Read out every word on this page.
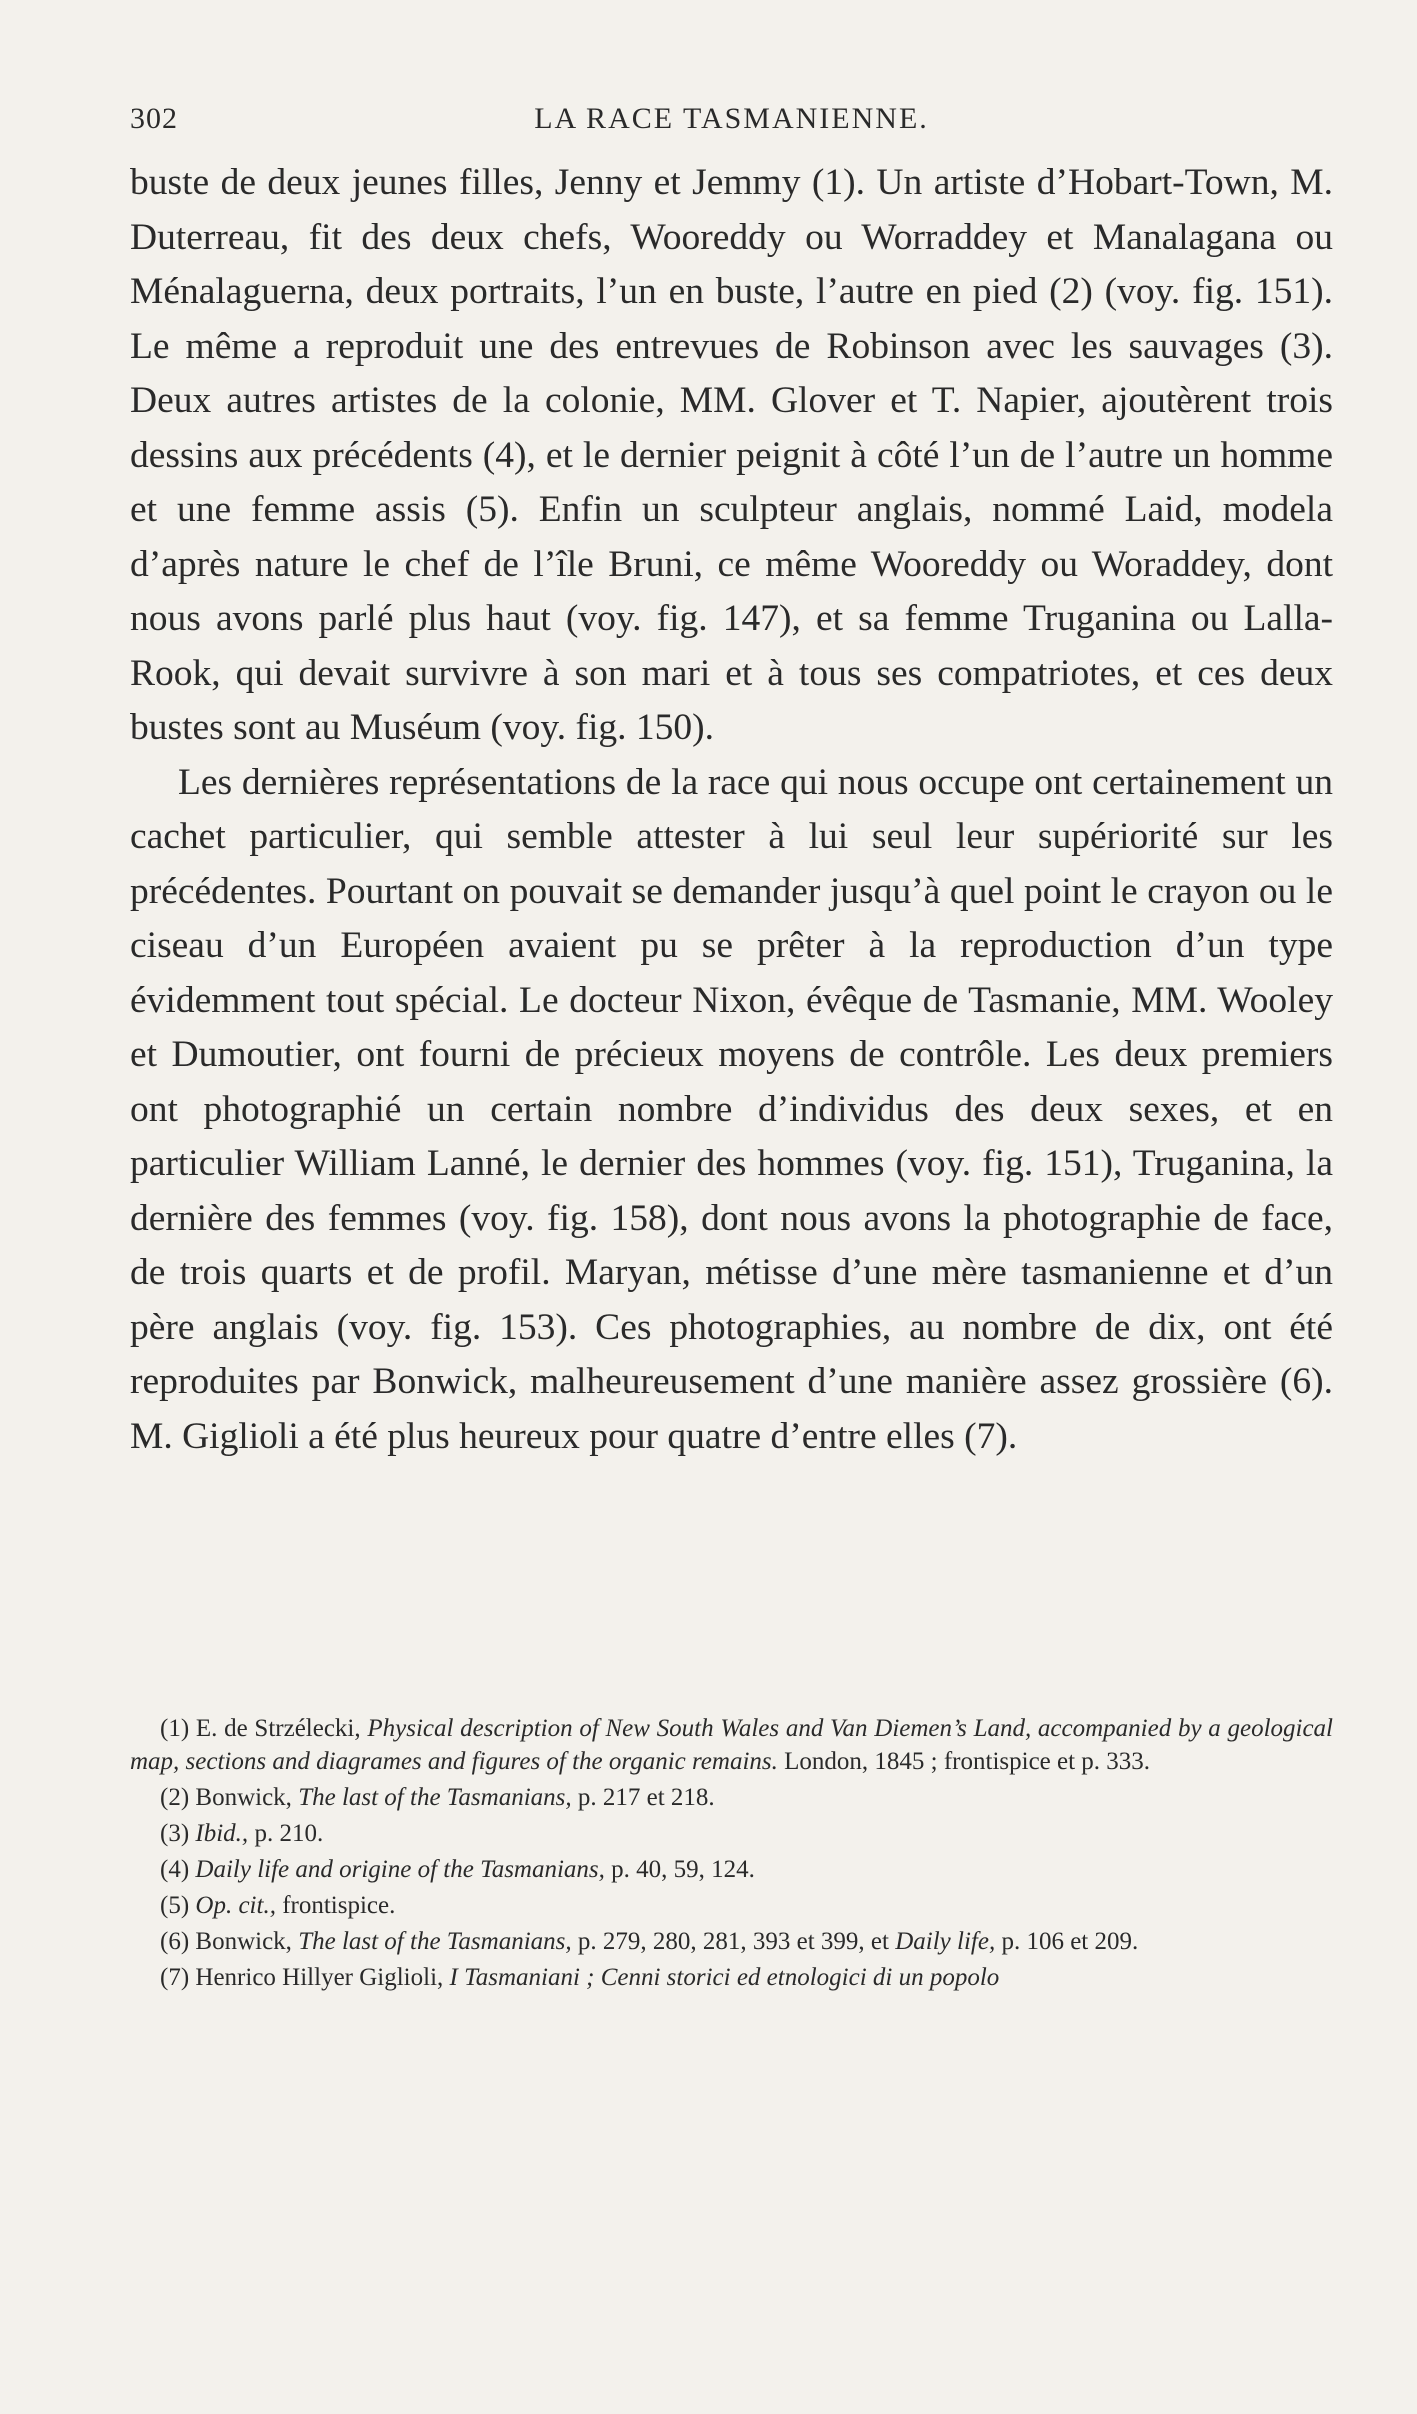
302	LA RACE TASMANIENNE.

buste de deux jeunes filles, Jenny et Jemmy (1). Un artiste d’Hobart-Town, M. Duterreau, fit des deux chefs, Wooreddy ou Worraddey et Manalagana ou Ménalaguerna, deux portraits, l’un en buste, l’autre en pied (2) (voy. fig. 151). Le même a reproduit une des entrevues de Robinson avec les sauvages (3). Deux autres artistes de la colonie, MM. Glover et T. Napier, ajoutèrent trois dessins aux précédents (4), et le dernier peignit à côté l’un de l’autre un homme et une femme assis (5). Enfin un sculpteur anglais, nommé Laid, modela d’après nature le chef de l’île Bruni, ce même Wooreddy ou Woraddey, dont nous avons parlé plus haut (voy. fig. 147), et sa femme Truganina ou Lalla-Rook, qui devait survivre à son mari et à tous ses compatriotes, et ces deux bustes sont au Muséum (voy. fig. 150).

Les dernières représentations de la race qui nous occupe ont certainement un cachet particulier, qui semble attester à lui seul leur supériorité sur les précédentes. Pourtant on pouvait se demander jusqu’à quel point le crayon ou le ciseau d’un Européen avaient pu se prêter à la reproduction d’un type évidemment tout spécial. Le docteur Nixon, évêque de Tasmanie, MM. Wooley et Dumoutier, ont fourni de précieux moyens de contrôle. Les deux premiers ont photographié un certain nombre d’individus des deux sexes, et en particulier William Lanné, le dernier des hommes (voy. fig. 151), Truganina, la dernière des femmes (voy. fig. 158), dont nous avons la photographie de face, de trois quarts et de profil. Maryan, métisse d’une mère tasmanienne et d’un père anglais (voy. fig. 153). Ces photographies, au nombre de dix, ont été reproduites par Bonwick, malheureusement d’une manière assez grossière (6). M. Giglioli a été plus heureux pour quatre d’entre elles (7).

(1) E. de Strzélecki, Physical description of New South Wales and Van Diemen’s Land, accompanied by a geological map, sections and diagrames and figures of the organic remains. London, 1845 ; frontispice et p. 333.

(2) Bonwick, The last of the Tasmanians, p. 217 et 218.

(3) Ibid., p. 210.

(4) Daily life and origine of the Tasmanians, p. 40, 59, 124.

(5) Op. cit., frontispice.

(6) Bonwick, The last of the Tasmanians, p. 279, 280, 281, 393 et 399, et Daily life, p. 106 et 209.

(7) Henrico Hillyer Giglioli, I Tasmaniani ; Cenni storici ed etnologici di un popolo
